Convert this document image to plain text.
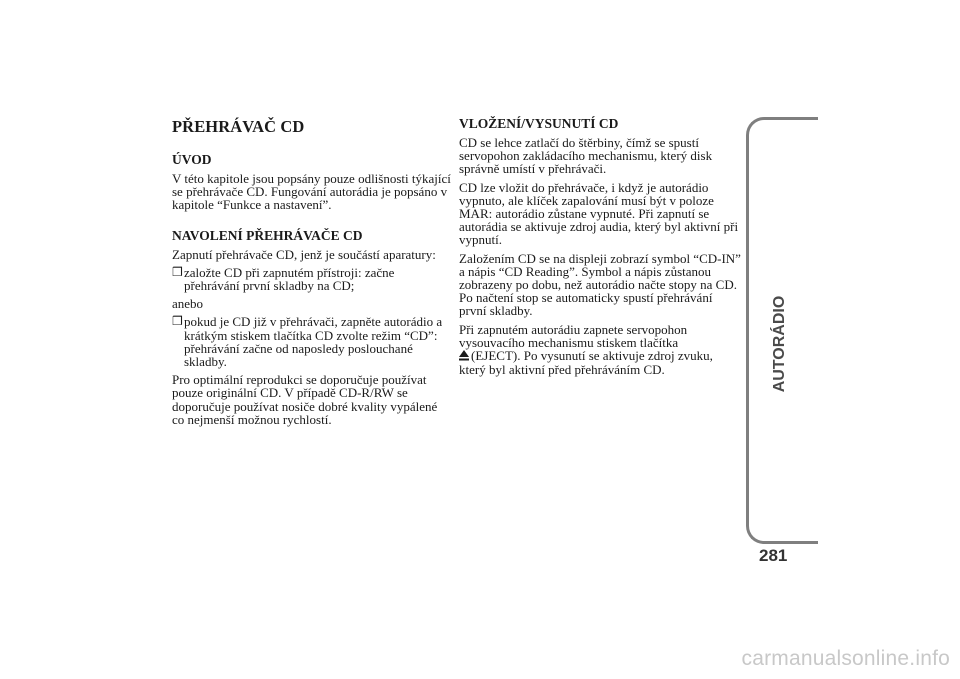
PŘEHRÁVAČ CD
ÚVOD

V této kapitole jsou popsány pouze odlišnosti týkající se přehrávače CD. Fungování autorádia je popsáno v kapitole “Funkce a nastavení”.

NAVOLENÍ PŘEHRÁVAČE CD

Zapnutí přehrávače CD, jenž je součástí aparatury:

❒ založte CD při zapnutém přístroji: začne přehrávání první skladby na CD;

anebo

❒ pokud je CD již v přehrávači, zapněte autorádio a krátkým stiskem tlačítka CD zvolte režim “CD”: přehrávání začne od naposledy poslouchané skladby.

Pro optimální reprodukci se doporučuje používat pouze originální CD. V případě CD-R/RW se doporučuje používat nosiče dobré kvality vypálené co nejmenší možnou rychlostí.

VLOŽENÍ/VYSUNUTÍ CD

CD se lehce zatlačí do štěrbiny, čímž se spustí servopohon zakládacího mechanismu, který disk správně umístí v přehrávači.

CD lze vložit do přehrávače, i když je autorádio vypnuto, ale klíček zapalování musí být v poloze MAR: autorádio zůstane vypnuté. Při zapnutí se autorádia se aktivuje zdroj audia, který byl aktivní při vypnutí.

Založením CD se na displeji zobrazí symbol “CD-IN” a nápis “CD Reading”. Symbol a nápis zůstanou zobrazeny po dobu, než autorádio načte stopy na CD. Po načtení stop se automaticky spustí přehrávání první skladby.

Při zapnutém autorádiu zapnete servopohon vysouvacího mechanismu stiskem tlačítka
(EJECT). Po vysunutí se aktivuje zdroj zvuku, který byl aktivní před přehráváním CD.	AUTORÁDIO
281
carmanualsonline.info
